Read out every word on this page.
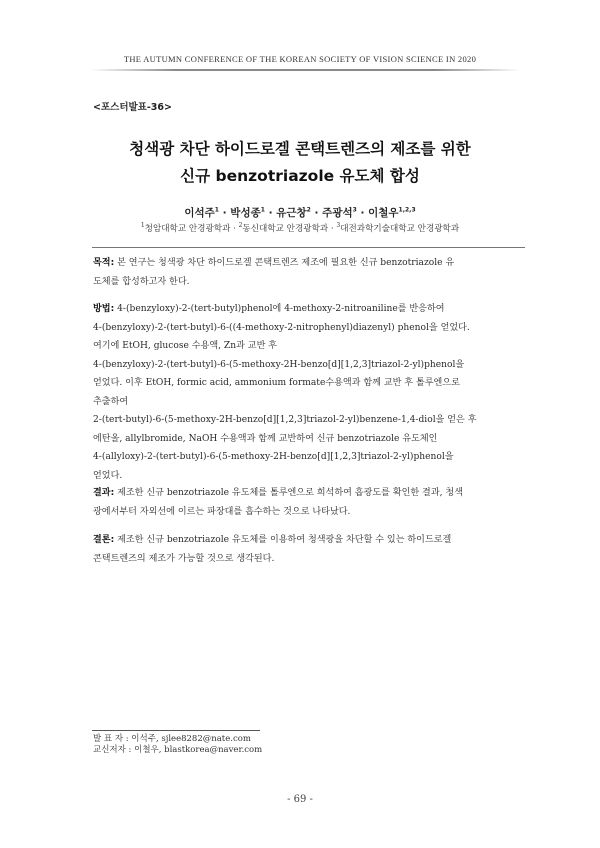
THE AUTUMN CONFERENCE OF THE KOREAN SOCIETY OF VISION SCIENCE IN 2020
<포스터발표-36>
청색광 차단 하이드로겔 콘택트렌즈의 제조를 위한
신규 benzotriazole 유도체 합성
이석주$^1$ · 박성종$^1$ · 유근창$^2$ · 주광석$^3$ · 이철우$^{1,2,3}$
$^1$청암대학교 안경광학과 · $^2$동신대학교 안경광학과 · $^3$대전과학기술대학교 안경광학과
목적: 본 연구는 청색광 차단 하이드로겔 콘택트렌즈 제조에 필요한 신규 benzotriazole 유
도체를 합성하고자 한다.
방법: 4-(benzyloxy)-2-(tert-butyl)phenol에 4-methoxy-2-nitroaniline를 반응하여
4-(benzyloxy)-2-(tert-butyl)-6-((4-methoxy-2-nitrophenyl)diazenyl) phenol을 얻었다.
여기에 EtOH, glucose 수용액, Zn과 교반 후
4-(benzyloxy)-2-(tert-butyl)-6-(5-methoxy-2H-benzo[d][1,2,3]triazol-2-yl)phenol을
얻었다. 이후 EtOH, formic acid, ammonium formate수용액과 함께 교반 후 톨루엔으로
추출하여
2-(tert-butyl)-6-(5-methoxy-2H-benzo[d][1,2,3]triazol-2-yl)benzene-1,4-diol을 얻은 후
에탄올, allylbromide, NaOH 수용액과 함께 교반하여 신규 benzotriazole 유도체인
4-(allyloxy)-2-(tert-butyl)-6-(5-methoxy-2H-benzo[d][1,2,3]triazol-2-yl)phenol을
얻었다.
결과: 제조한 신규 benzotriazole 유도체를 톨루엔으로 희석하여 흡광도를 확인한 결과, 청색
광에서부터 자외선에 이르는 파장대를 흡수하는 것으로 나타났다.
결론: 제조한 신규 benzotriazole 유도체를 이용하여 청색광을 차단할 수 있는 하이드로겔
콘택트렌즈의 제조가 가능할 것으로 생각된다.
발 표 자 : 이석주, sjlee8282@nate.com
교신저자 : 이철우, blastkorea@naver.com
- 69 -
